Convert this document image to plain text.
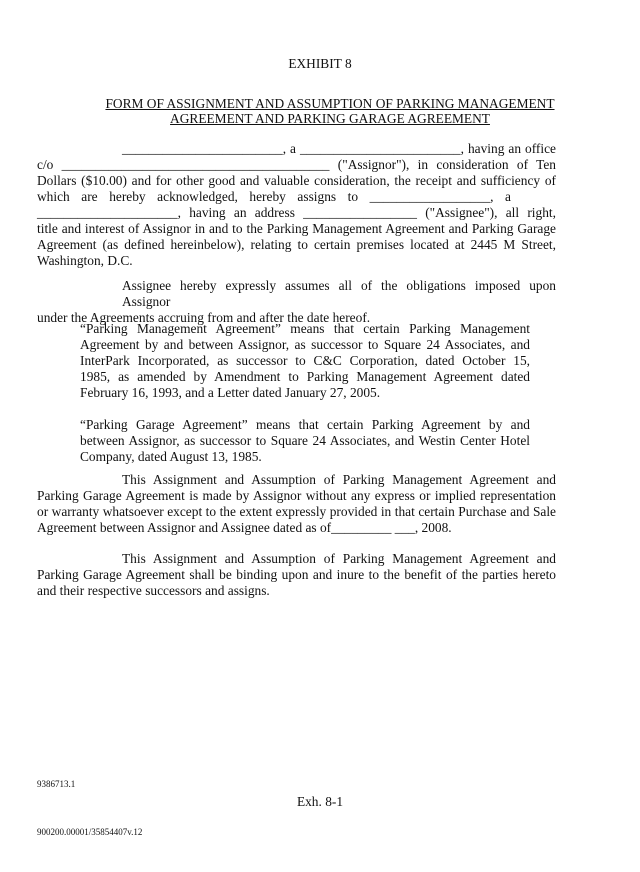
EXHIBIT 8
FORM OF ASSIGNMENT AND ASSUMPTION OF PARKING MANAGEMENT
AGREEMENT AND PARKING GARAGE AGREEMENT
________________________, a ________________________, having an office
c/o ________________________________________ ("Assignor"), in consideration of Ten
Dollars ($10.00) and for other good and valuable consideration, the receipt and sufficiency of
which are hereby acknowledged, hereby assigns to __________________, a
_____________________, having an address _________________ ("Assignee"), all right,
title and interest of Assignor in and to the Parking Management Agreement and Parking Garage
Agreement (as defined hereinbelow), relating to certain premises located at 2445 M Street,
Washington, D.C.
Assignee hereby expressly assumes all of the obligations imposed upon Assignor
under the Agreements accruing from and after the date hereof.
“Parking Management Agreement” means that certain Parking Management
Agreement by and between Assignor, as successor to Square 24 Associates, and
InterPark Incorporated, as successor to C&C Corporation, dated October 15,
1985, as amended by Amendment to Parking Management Agreement dated
February 16, 1993, and a Letter dated January 27, 2005.
“Parking Garage Agreement” means that certain Parking Agreement by and
between Assignor, as successor to Square 24 Associates, and Westin Center Hotel
Company, dated August 13, 1985.
This Assignment and Assumption of Parking Management Agreement and
Parking Garage Agreement is made by Assignor without any express or implied representation
or warranty whatsoever except to the extent expressly provided in that certain Purchase and Sale
Agreement between Assignor and Assignee dated as of_________ ___, 2008.
This Assignment and Assumption of Parking Management Agreement and
Parking Garage Agreement shall be binding upon and inure to the benefit of the parties hereto
and their respective successors and assigns.
9386713.1
Exh. 8-1
900200.00001/35854407v.12
